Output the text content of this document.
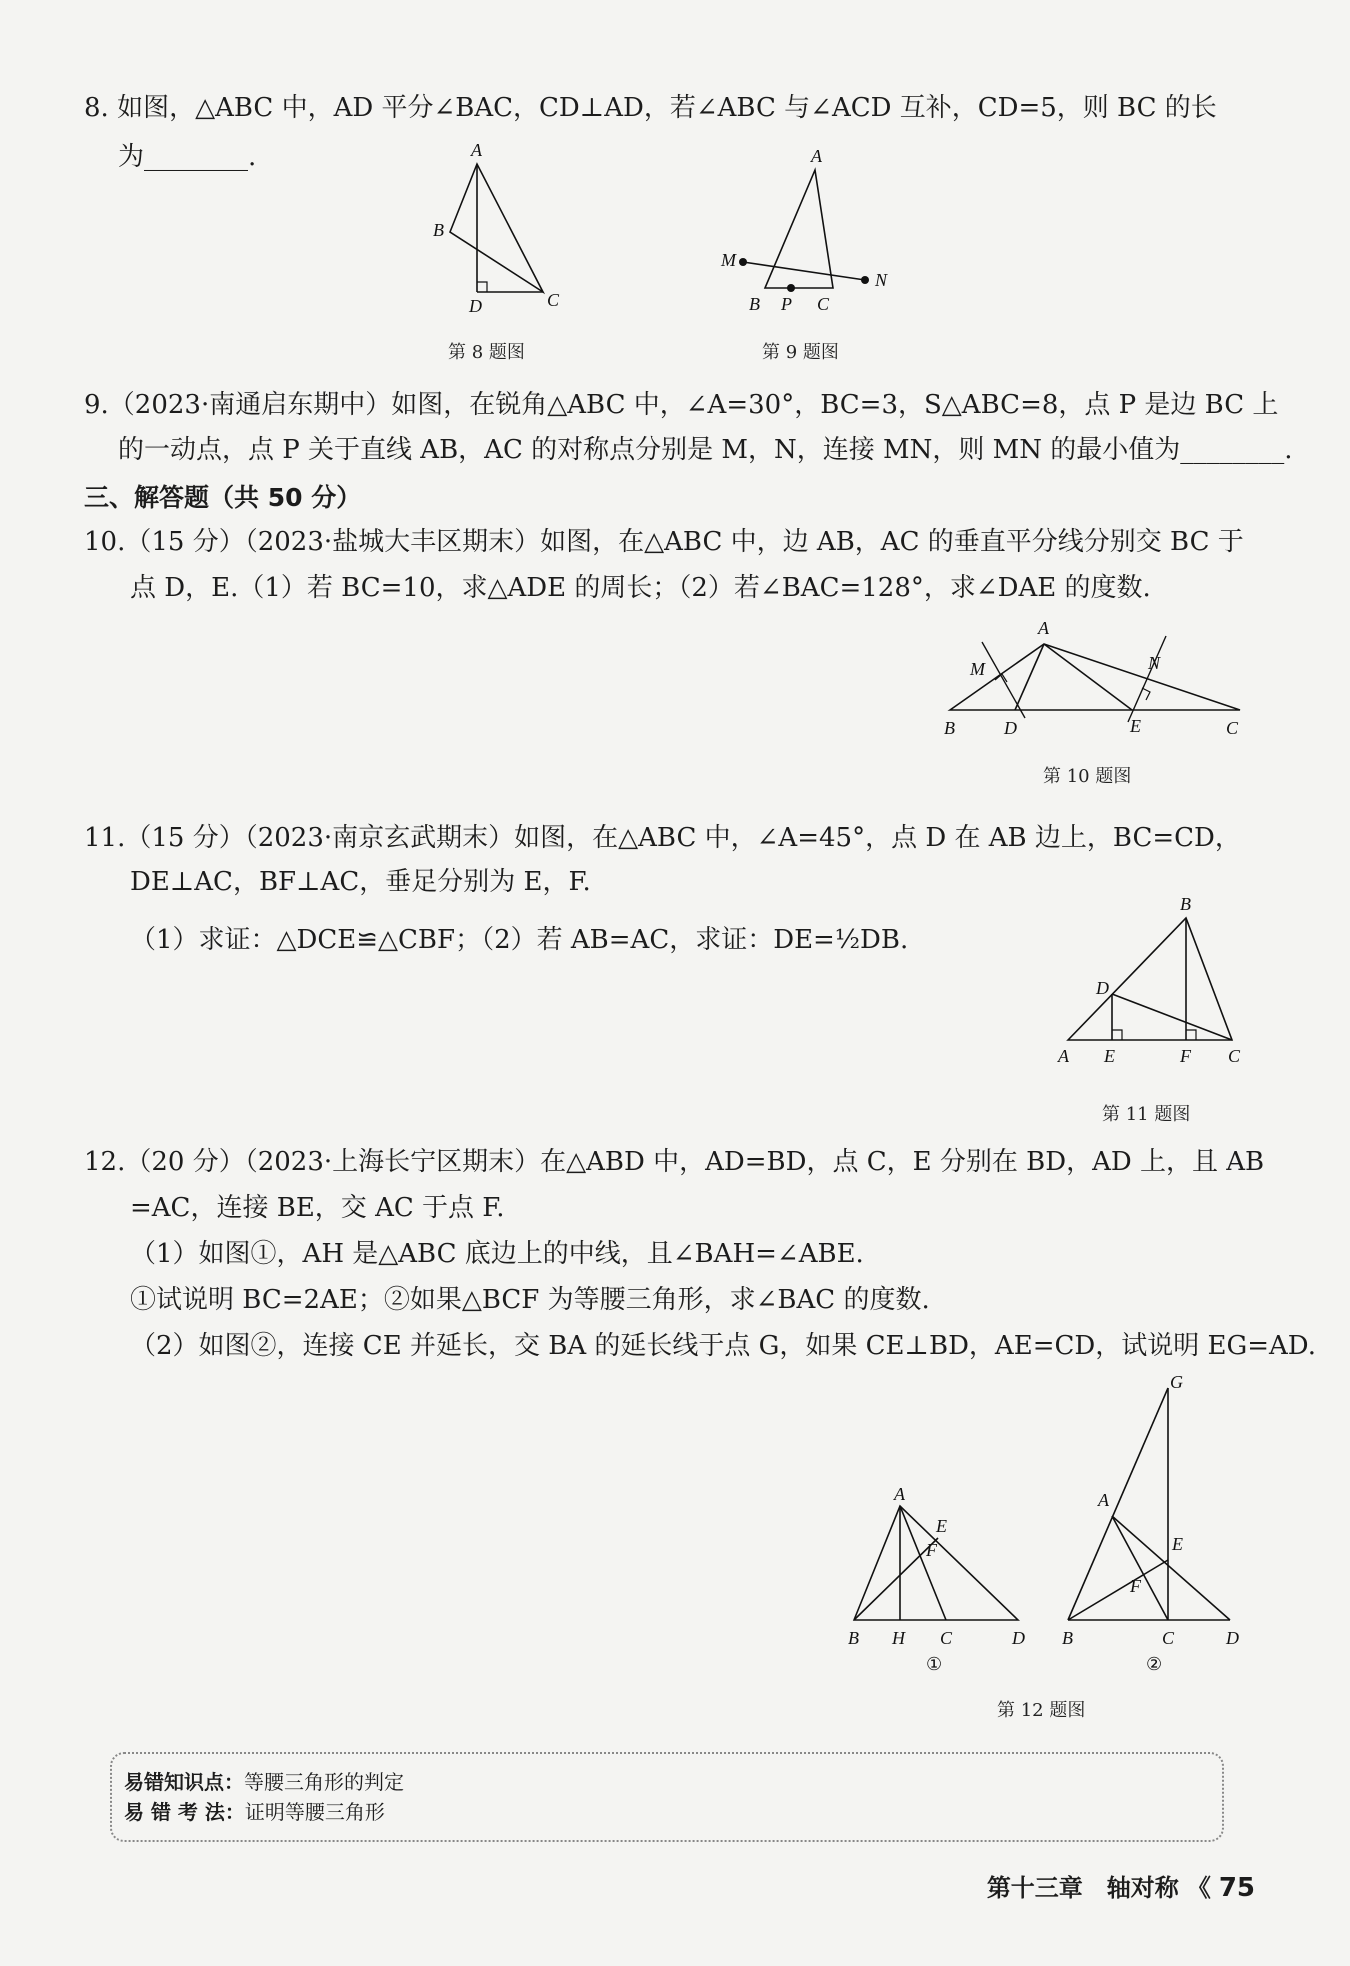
8. 如图，△ABC 中，AD 平分∠BAC，CD⊥AD，若∠ABC 与∠ACD 互补，CD=5，则 BC 的长
为________.	A
B
C
D
第 8 题图
A
M
N
B P C
第 9 题图
9.（2023·南通启东期中）如图，在锐角△ABC 中，∠A=30°，BC=3，S△ABC=8，点 P 是边 BC 上
的一动点，点 P 关于直线 AB，AC 的对称点分别是 M，N，连接 MN，则 MN 的最小值为________.
三、解答题（共 50 分）
10.（15 分）（2023·盐城大丰区期末）如图，在△ABC 中，边 AB，AC 的垂直平分线分别交 BC 于
点 D，E.（1）若 BC=10，求△ADE 的周长；（2）若∠BAC=128°，求∠DAE 的度数.
A
M	N
B	D	E	C
第 10 题图
11.（15 分）（2023·南京玄武期末）如图，在△ABC 中，∠A=45°，点 D 在 AB 边上，BC=CD，
DE⊥AC，BF⊥AC，垂足分别为 E，F.
（1）求证：△DCE≌△CBF；（2）若 AB=AC，求证：DE=½DB.
B
D
A E	F C
第 11 题图
12.（20 分）（2023·上海长宁区期末）在△ABD 中，AD=BD，点 C，E 分别在 BD，AD 上，且 AB
=AC，连接 BE，交 AC 于点 F.
（1）如图①，AH 是△ABC 底边上的中线，且∠BAH=∠ABE.
①试说明 BC=2AE；②如果△BCF 为等腰三角形，求∠BAC 的度数.
（2）如图②，连接 CE 并延长，交 BA 的延长线于点 G，如果 CE⊥BD，AE=CD，试说明 EG=AD.
A
E
F
B H C	D
①
G
A
E
F
B	C	D
②
第 12 题图
易错知识点：等腰三角形的判定
易 错 考 法：证明等腰三角形
第十三章　轴对称 《 75
